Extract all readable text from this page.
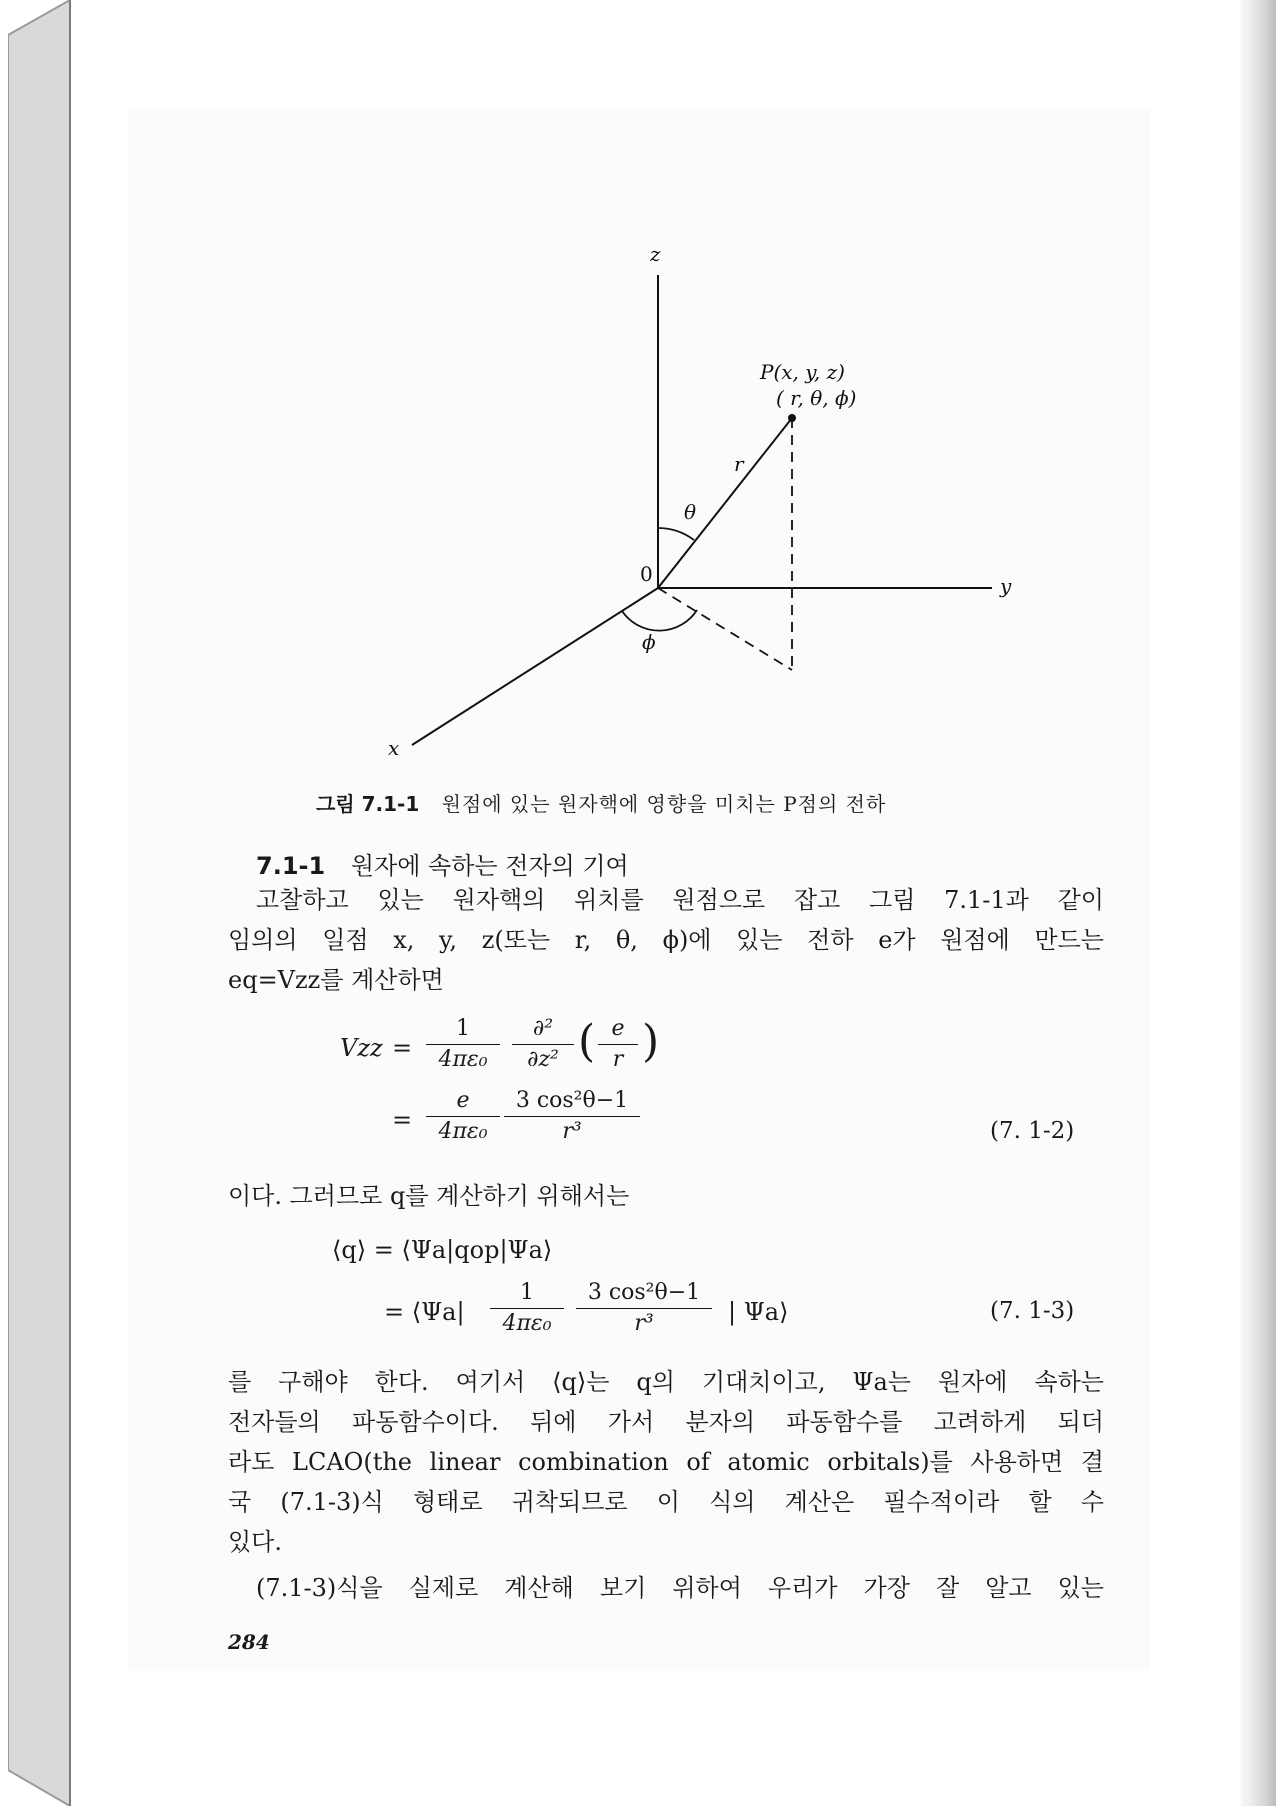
z
y
x
0
P(x, y, z)
( r, θ, ϕ)
r
θ
ϕ
그림 7.1-1 원점에 있는 원자핵에 영향을 미치는 P점의 전하
7.1-1 원자에 속하는 전자의 기여
고찰하고 있는 원자핵의 위치를 원점으로 잡고 그림 7.1-1과 같이
임의의 일점 x, y, z(또는 r, θ, ϕ)에 있는 전하 e가 원점에 만드는
eq=Vzz를 계산하면
Vzz =
1
4πε₀
∂²
∂z² ( e
r )
=
e
4πε₀
3 cos²θ−1
r³	(7. 1-2)
이다. 그러므로 q를 계산하기 위해서는
⟨q⟩ = ⟨Ψa|qop|Ψa⟩
= ⟨Ψa|
1
4πε₀
3 cos²θ−1
r³	| Ψa⟩	(7. 1-3)
를 구해야 한다. 여기서 ⟨q⟩는 q의 기대치이고, Ψa는 원자에 속하는
전자들의 파동함수이다. 뒤에 가서 분자의 파동함수를 고려하게 되더
라도 LCAO(the linear combination of atomic orbitals)를 사용하면 결
국 (7.1-3)식 형태로 귀착되므로 이 식의 계산은 필수적이라 할 수
있다.
(7.1-3)식을 실제로 계산해 보기 위하여 우리가 가장 잘 알고 있는
284
